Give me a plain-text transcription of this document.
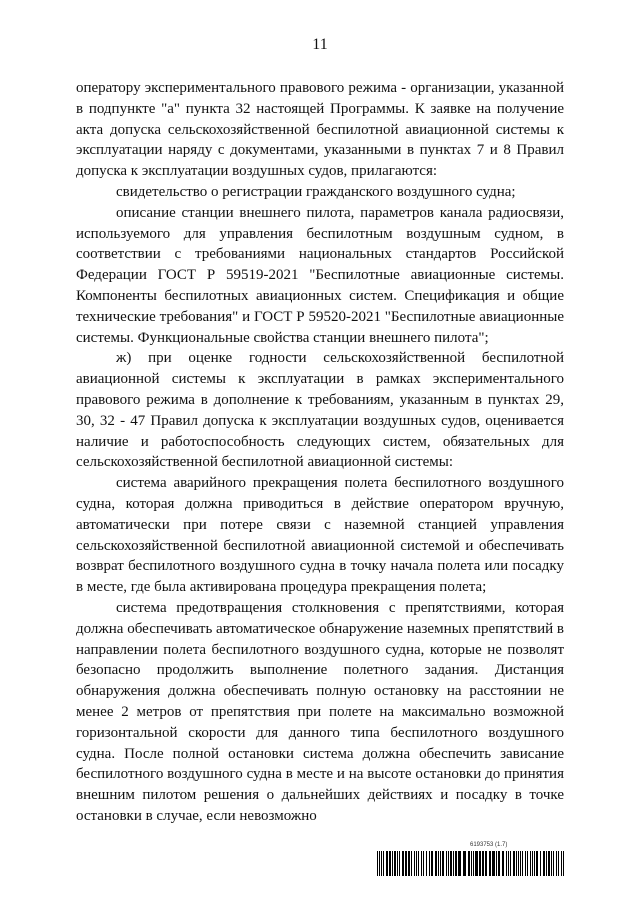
11

оператору экспериментального правового режима - организации, указанной в подпункте "а" пункта 32 настоящей Программы. К заявке на получение акта допуска сельскохозяйственной беспилотной авиационной системы к эксплуатации наряду с документами, указанными в пунктах 7 и 8 Правил допуска к эксплуатации воздушных судов, прилагаются:

свидетельство о регистрации гражданского воздушного судна;

описание станции внешнего пилота, параметров канала радиосвязи, используемого для управления беспилотным воздушным судном, в соответствии с требованиями национальных стандартов Российской Федерации ГОСТ Р 59519-2021 "Беспилотные авиационные системы. Компоненты беспилотных авиационных систем. Спецификация и общие технические требования" и ГОСТ Р 59520-2021 "Беспилотные авиационные системы. Функциональные свойства станции внешнего пилота";

ж) при оценке годности сельскохозяйственной беспилотной авиационной системы к эксплуатации в рамках экспериментального правового режима в дополнение к требованиям, указанным в пунктах 29, 30, 32 - 47 Правил допуска к эксплуатации воздушных судов, оценивается наличие и работоспособность следующих систем, обязательных для сельскохозяйственной беспилотной авиационной системы:

система аварийного прекращения полета беспилотного воздушного судна, которая должна приводиться в действие оператором вручную, автоматически при потере связи с наземной станцией управления сельскохозяйственной беспилотной авиационной системой и обеспечивать возврат беспилотного воздушного судна в точку начала полета или посадку в месте, где была активирована процедура прекращения полета;

система предотвращения столкновения с препятствиями, которая должна обеспечивать автоматическое обнаружение наземных препятствий в направлении полета беспилотного воздушного судна, которые не позволят безопасно продолжить выполнение полетного задания. Дистанция обнаружения должна обеспечивать полную остановку на расстоянии не менее 2 метров от препятствия при полете на максимально возможной горизонтальной скорости для данного типа беспилотного воздушного судна. После полной остановки система должна обеспечить зависание беспилотного воздушного судна в месте и на высоте остановки до принятия внешним пилотом решения о дальнейших действиях и посадку в точке остановки в случае, если невозможно

6193753 (1.7)
